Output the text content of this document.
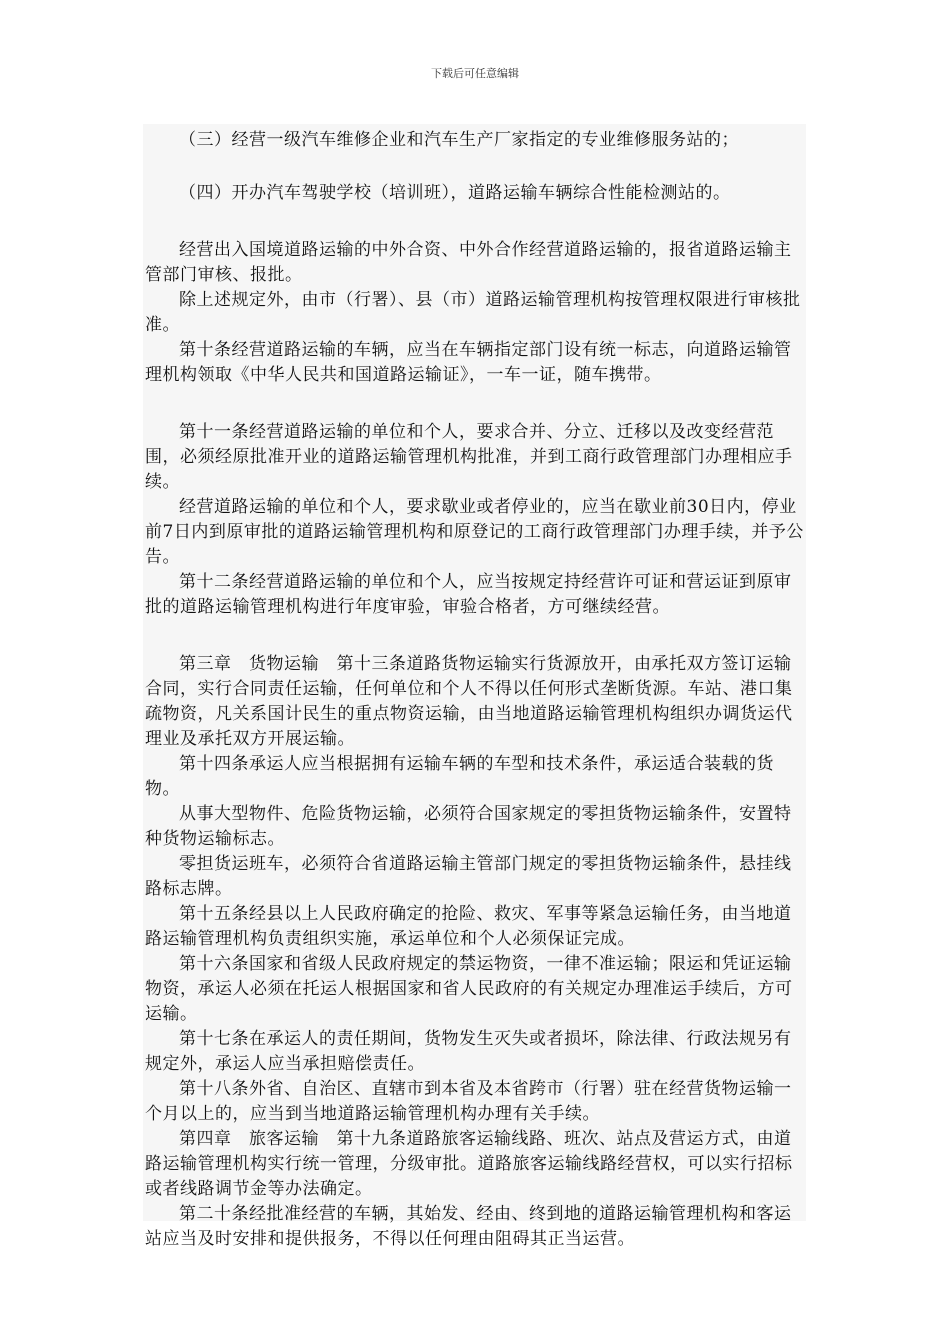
下载后可任意编辑

（三）经营一级汽车维修企业和汽车生产厂家指定的专业维修服务站的；

（四）开办汽车驾驶学校（培训班），道路运输车辆综合性能检测站的。

经营出入国境道路运输的中外合资、中外合作经营道路运输的，报省道路运输主管部门审核、报批。

除上述规定外，由市（行署）、县（市）道路运输管理机构按管理权限进行审核批准。

第十条经营道路运输的车辆，应当在车辆指定部门设有统一标志，向道路运输管理机构领取《中华人民共和国道路运输证》，一车一证，随车携带。

第十一条经营道路运输的单位和个人，要求合并、分立、迁移以及改变经营范围，必须经原批准开业的道路运输管理机构批准，并到工商行政管理部门办理相应手续。

经营道路运输的单位和个人，要求歇业或者停业的，应当在歇业前30日内，停业前7日内到原审批的道路运输管理机构和原登记的工商行政管理部门办理手续，并予公告。

第十二条经营道路运输的单位和个人，应当按规定持经营许可证和营运证到原审批的道路运输管理机构进行年度审验，审验合格者，方可继续经营。

第三章　货物运输　第十三条道路货物运输实行货源放开，由承托双方签订运输合同，实行合同责任运输，任何单位和个人不得以任何形式垄断货源。车站、港口集疏物资，凡关系国计民生的重点物资运输，由当地道路运输管理机构组织办调货运代理业及承托双方开展运输。

第十四条承运人应当根据拥有运输车辆的车型和技术条件，承运适合装载的货物。

从事大型物件、危险货物运输，必须符合国家规定的零担货物运输条件，安置特种货物运输标志。

零担货运班车，必须符合省道路运输主管部门规定的零担货物运输条件，悬挂线路标志牌。

第十五条经县以上人民政府确定的抢险、救灾、军事等紧急运输任务，由当地道路运输管理机构负责组织实施，承运单位和个人必须保证完成。

第十六条国家和省级人民政府规定的禁运物资，一律不准运输；限运和凭证运输物资，承运人必须在托运人根据国家和省人民政府的有关规定办理准运手续后，方可运输。

第十七条在承运人的责任期间，货物发生灭失或者损坏，除法律、行政法规另有规定外，承运人应当承担赔偿责任。

第十八条外省、自治区、直辖市到本省及本省跨市（行署）驻在经营货物运输一个月以上的，应当到当地道路运输管理机构办理有关手续。

第四章　旅客运输　第十九条道路旅客运输线路、班次、站点及营运方式，由道路运输管理机构实行统一管理，分级审批。道路旅客运输线路经营权，可以实行招标或者线路调节金等办法确定。

第二十条经批准经营的车辆，其始发、经由、终到地的道路运输管理机构和客运站应当及时安排和提供报务，不得以任何理由阻碍其正当运营。
